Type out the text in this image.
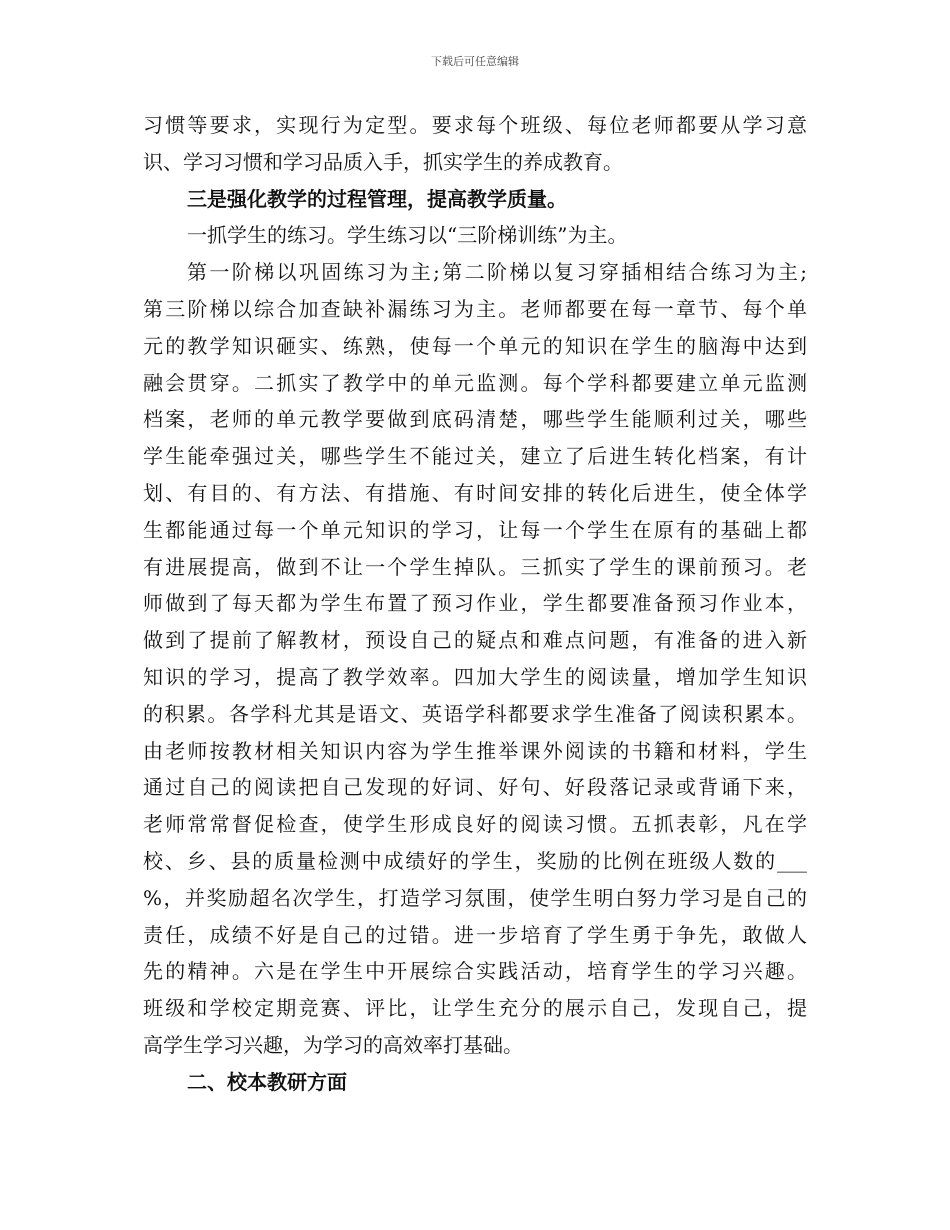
下载后可任意编辑
习惯等要求，实现行为定型。要求每个班级、每位老师都要从学习意
识、学习习惯和学习品质入手，抓实学生的养成教育。
三是强化教学的过程管理，提高教学质量。
一抓学生的练习。学生练习以“三阶梯训练”为主。
第一阶梯以巩固练习为主;第二阶梯以复习穿插相结合练习为主;
第三阶梯以综合加查缺补漏练习为主。老师都要在每一章节、每个单
元的教学知识砸实、练熟，使每一个单元的知识在学生的脑海中达到
融会贯穿。二抓实了教学中的单元监测。每个学科都要建立单元监测
档案，老师的单元教学要做到底码清楚，哪些学生能顺利过关，哪些
学生能牵强过关，哪些学生不能过关，建立了后进生转化档案，有计
划、有目的、有方法、有措施、有时间安排的转化后进生，使全体学
生都能通过每一个单元知识的学习，让每一个学生在原有的基础上都
有进展提高，做到不让一个学生掉队。三抓实了学生的课前预习。老
师做到了每天都为学生布置了预习作业，学生都要准备预习作业本，
做到了提前了解教材，预设自己的疑点和难点问题，有准备的进入新
知识的学习，提高了教学效率。四加大学生的阅读量，增加学生知识
的积累。各学科尤其是语文、英语学科都要求学生准备了阅读积累本。
由老师按教材相关知识内容为学生推举课外阅读的书籍和材料，学生
通过自己的阅读把自己发现的好词、好句、好段落记录或背诵下来，
老师常常督促检查，使学生形成良好的阅读习惯。五抓表彰，凡在学
校、乡、县的质量检测中成绩好的学生，奖励的比例在班级人数的___
%，并奖励超名次学生，打造学习氛围，使学生明白努力学习是自己的
责任，成绩不好是自己的过错。进一步培育了学生勇于争先，敢做人
先的精神。六是在学生中开展综合实践活动，培育学生的学习兴趣。
班级和学校定期竞赛、评比，让学生充分的展示自己，发现自己，提
高学生学习兴趣，为学习的高效率打基础。
二、校本教研方面
